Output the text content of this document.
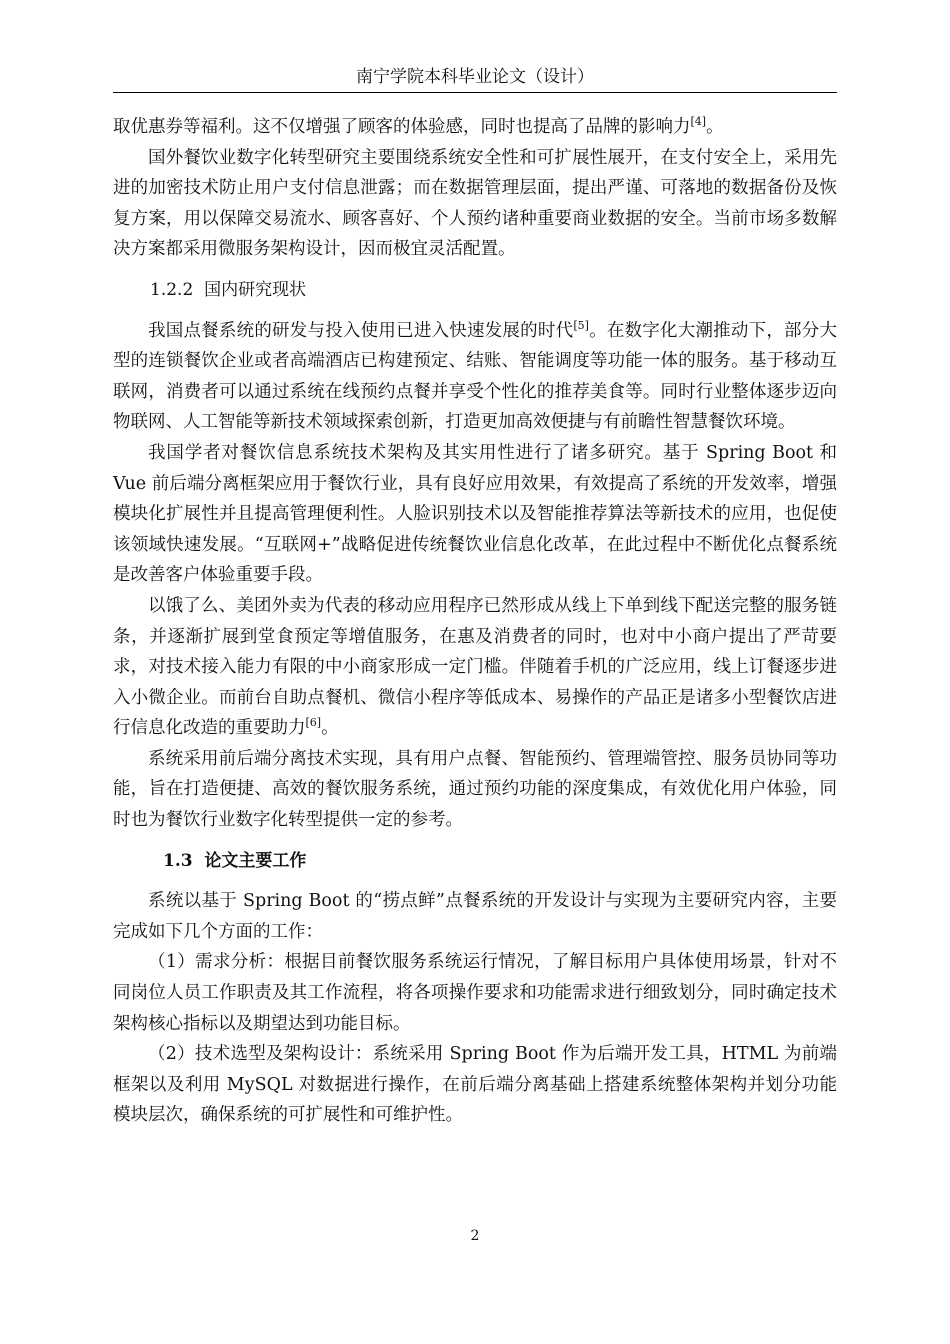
南宁学院本科毕业论文（设计）

取优惠券等福利。这不仅增强了顾客的体验感，同时也提高了品牌的影响力[4]。

国外餐饮业数字化转型研究主要围绕系统安全性和可扩展性展开，在支付安全上，采用先进的加密技术防止用户支付信息泄露；而在数据管理层面，提出严谨、可落地的数据备份及恢复方案，用以保障交易流水、顾客喜好、个人预约诸种重要商业数据的安全。当前市场多数解决方案都采用微服务架构设计，因而极宜灵活配置。

1.2.2 国内研究现状

我国点餐系统的研发与投入使用已进入快速发展的时代[5]。在数字化大潮推动下，部分大型的连锁餐饮企业或者高端酒店已构建预定、结账、智能调度等功能一体的服务。基于移动互联网，消费者可以通过系统在线预约点餐并享受个性化的推荐美食等。同时行业整体逐步迈向物联网、人工智能等新技术领域探索创新，打造更加高效便捷与有前瞻性智慧餐饮环境。

我国学者对餐饮信息系统技术架构及其实用性进行了诸多研究。基于 Spring Boot 和 Vue 前后端分离框架应用于餐饮行业，具有良好应用效果，有效提高了系统的开发效率，增强模块化扩展性并且提高管理便利性。人脸识别技术以及智能推荐算法等新技术的应用，也促使该领域快速发展。“互联网+”战略促进传统餐饮业信息化改革，在此过程中不断优化点餐系统是改善客户体验重要手段。

以饿了么、美团外卖为代表的移动应用程序已然形成从线上下单到线下配送完整的服务链条，并逐渐扩展到堂食预定等增值服务，在惠及消费者的同时，也对中小商户提出了严苛要求，对技术接入能力有限的中小商家形成一定门槛。伴随着手机的广泛应用，线上订餐逐步进入小微企业。而前台自助点餐机、微信小程序等低成本、易操作的产品正是诸多小型餐饮店进行信息化改造的重要助力[6]。

系统采用前后端分离技术实现，具有用户点餐、智能预约、管理端管控、服务员协同等功能，旨在打造便捷、高效的餐饮服务系统，通过预约功能的深度集成，有效优化用户体验，同时也为餐饮行业数字化转型提供一定的参考。

1.3 论文主要工作

系统以基于 Spring Boot 的“捞点鲜”点餐系统的开发设计与实现为主要研究内容，主要完成如下几个方面的工作：

（1）需求分析：根据目前餐饮服务系统运行情况，了解目标用户具体使用场景，针对不同岗位人员工作职责及其工作流程，将各项操作要求和功能需求进行细致划分，同时确定技术架构核心指标以及期望达到功能目标。

（2）技术选型及架构设计：系统采用 Spring Boot 作为后端开发工具，HTML 为前端框架以及利用 MySQL 对数据进行操作，在前后端分离基础上搭建系统整体架构并划分功能模块层次，确保系统的可扩展性和可维护性。

2
